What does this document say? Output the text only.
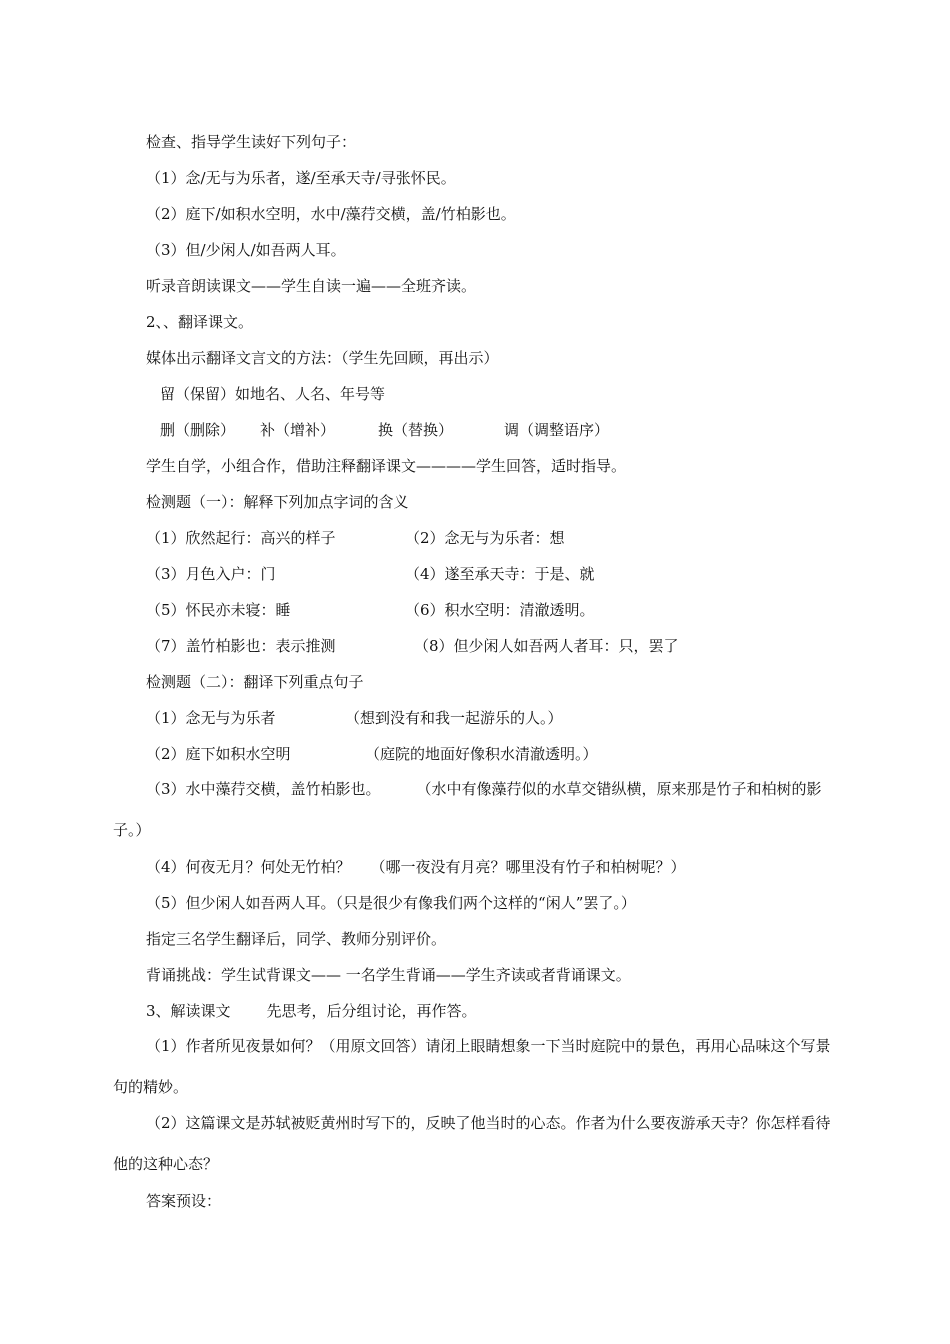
检查、指导学生读好下列句子：
（1）念/无与为乐者，遂/至承天寺/寻张怀民。
（2）庭下/如积水空明，水中/藻荇交横，盖/竹柏影也。
（3）但/少闲人/如吾两人耳。
听录音朗读课文——学生自读一遍——全班齐读。
2、、翻译课文。
媒体出示翻译文言文的方法：（学生先回顾，再出示）
留（保留）如地名、人名、年号等
删（删除） 补（增补）	换（替换）	调（调整语序）
学生自学，小组合作，借助注释翻译课文————学生回答，适时指导。
检测题（一）：解释下列加点字词的含义
（1）欣然起行：高兴的样子	（2）念无与为乐者：想
（3）月色入户：门	（4）遂至承天寺：于是、就
（5）怀民亦未寝：睡	（6）积水空明：清澈透明。
（7）盖竹柏影也：表示推测	（8）但少闲人如吾两人者耳：只，罢了
检测题（二）：翻译下列重点句子
（1）念无与为乐者	（想到没有和我一起游乐的人。）
（2）庭下如积水空明	（庭院的地面好像积水清澈透明。）
（3）水中藻荇交横，盖竹柏影也。 （水中有像藻荇似的水草交错纵横，原来那是竹子和柏树的影子。）
（4）何夜无月？何处无竹柏？ （哪一夜没有月亮？哪里没有竹子和柏树呢？）
（5）但少闲人如吾两人耳。（只是很少有像我们两个这样的“闲人”罢了。）
指定三名学生翻译后，同学、教师分别评价。
背诵挑战：学生试背课文—— 一名学生背诵——学生齐读或者背诵课文。
3、解读课文 先思考，后分组讨论，再作答。
（1）作者所见夜景如何？（用原文回答）请闭上眼睛想象一下当时庭院中的景色，再用心品味这个写景句的精妙。
（2）这篇课文是苏轼被贬黄州时写下的，反映了他当时的心态。作者为什么要夜游承天寺？你怎样看待他的这种心态？
答案预设：
